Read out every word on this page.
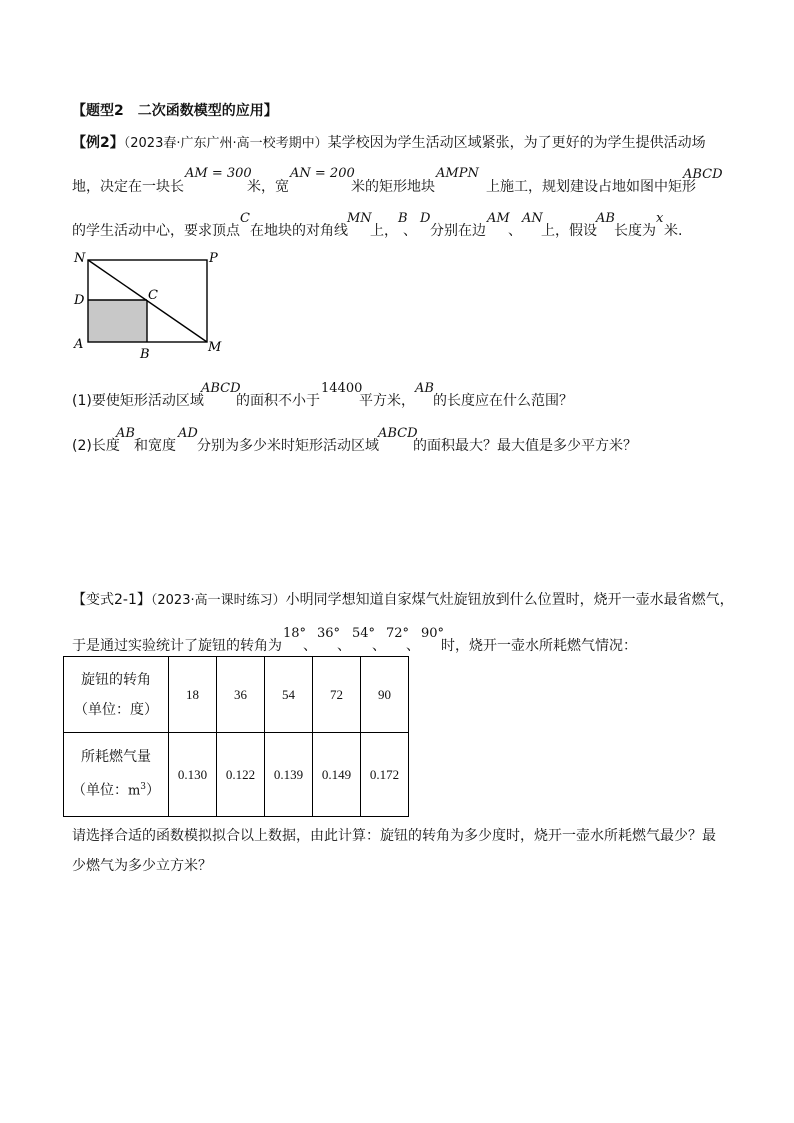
【题型2　二次函数模型的应用】
【例2】（2023春·广东广州·高一校考期中）某学校因为学生活动区域紧张，为了更好的为学生提供活动场
地，决定在一块长
AM = 300
米，宽
AN = 200
米的矩形地块
AMPN
上施工，规划建设占地如图中矩形
ABCD
的学生活动中心，要求顶点
C
在地块的对角线
MN
上，
B
、
D
分别在边
AM
、
AN
上，假设
AB
长度为
x
米.
N	P
D	C
A
B	M
(1)要使矩形活动区域
ABCD
的面积不小于
14400
平方米，
AB
的长度应在什么范围？
(2)长度
AB
和宽度
AD
分别为多少米时矩形活动区域
ABCD
的面积最大？最大值是多少平方米？
【变式2-1】（2023·高一课时练习）小明同学想知道自家煤气灶旋钮放到什么位置时，烧开一壶水最省燃气，
于是通过实验统计了旋钮的转角为
18°
、
36°
、
54°
、
72°
、
90°
时，烧开一壶水所耗燃气情况：
旋钮的转角
（单位：度）	18	36	54	72	90

所耗燃气量
（单位：$m^3$）	0.130	0.122	0.139	0.149	0.172
请选择合适的函数模拟拟合以上数据，由此计算：旋钮的转角为多少度时，烧开一壶水所耗燃气最少？最
少燃气为多少立方米？
